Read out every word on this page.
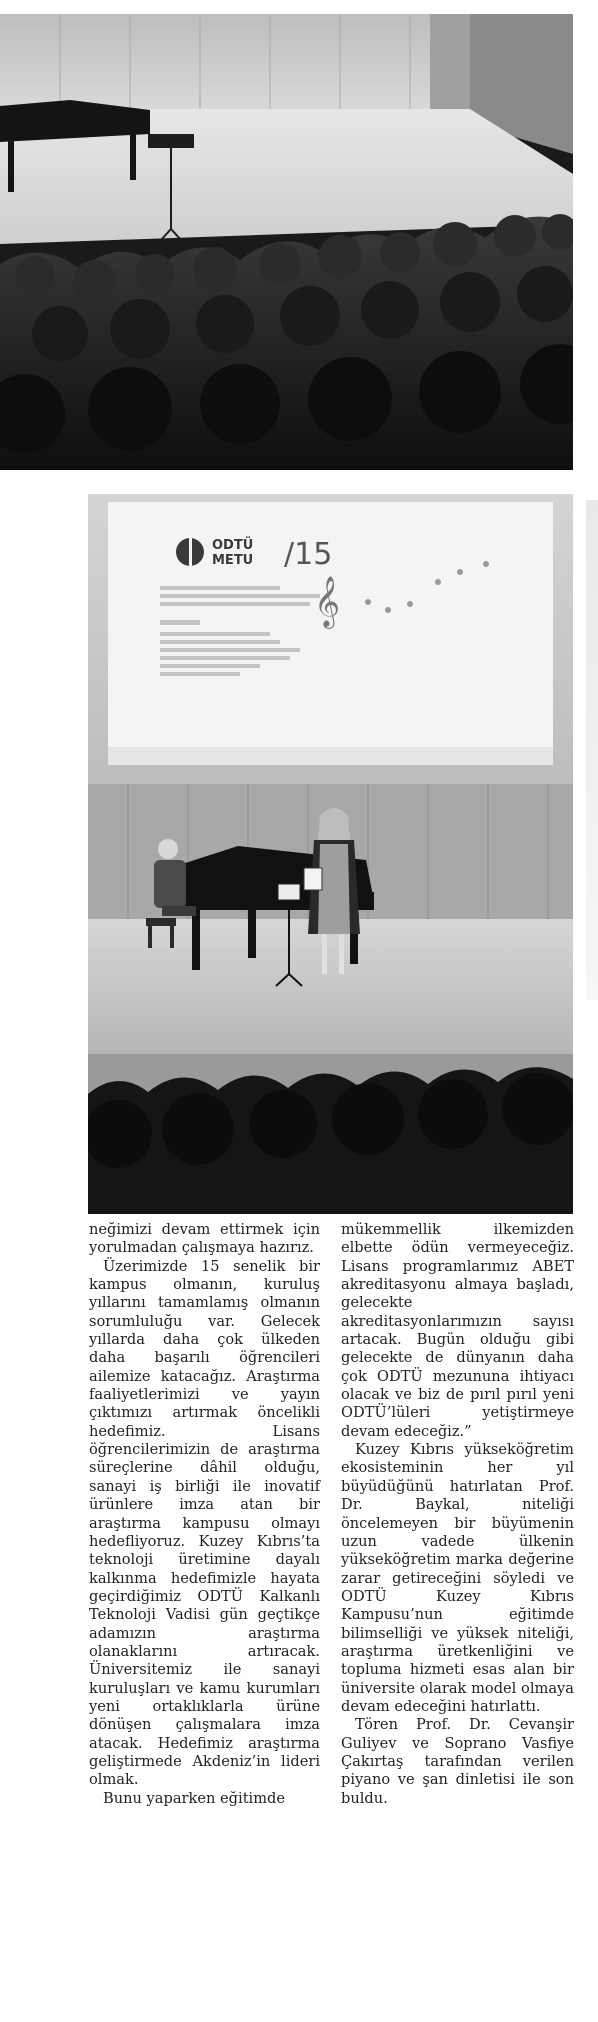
ODTÜ
METU /15
𝄞

neğimizi devam ettirmek için yorulmadan çalışmaya hazırız.

Üzerimizde 15 senelik bir kampus olmanın, kuruluş yıllarını tamamlamış olmanın sorumluluğu var. Gelecek yıllarda daha çok ülkeden daha başarılı öğrencileri ailemize katacağız. Araştırma faaliyetlerimizi ve yayın çıktımızı artırmak öncelikli hedefimiz. Lisans öğrencilerimizin de araştırma süreçlerine dâhil olduğu, sanayi iş birliği ile inovatif ürünlere imza atan bir araştırma kampusu olmayı hedefliyoruz. Kuzey Kıbrıs’ta teknoloji üretimine dayalı kalkınma hedefimizle hayata geçirdiğimiz ODTÜ Kalkanlı Teknoloji Vadisi gün geçtikçe adamızın araştırma olanaklarını artıracak. Üniversitemiz ile sanayi kuruluşları ve kamu kurumları yeni ortaklıklarla ürüne dönüşen çalışmalara imza atacak. Hedefimiz araştırma geliştirmede Akdeniz’in lideri olmak.

Bunu yaparken eğitimde

mükemmellik ilkemizden elbette ödün vermeyeceğiz. Lisans programlarımız ABET akreditasyonu almaya başladı, gelecekte akreditasyonlarımızın sayısı artacak. Bugün olduğu gibi gelecekte de dünyanın daha çok ODTÜ mezununa ihtiyacı olacak ve biz de pırıl pırıl yeni ODTÜ’lüleri yetiştirmeye devam edeceğiz.”

Kuzey Kıbrıs yükseköğretim ekosisteminin her yıl büyüdüğünü hatırlatan Prof. Dr. Baykal, niteliği öncelemeyen bir büyümenin uzun vadede ülkenin yükseköğretim marka değerine zarar getireceğini söyledi ve ODTÜ Kuzey Kıbrıs Kampusu’nun eğitimde bilimselliği ve yüksek niteliği, araştırma üretkenliğini ve topluma hizmeti esas alan bir üniversite olarak model olmaya devam edeceğini hatırlattı.

Tören Prof. Dr. Cevanşir Guliyev ve Soprano Vasfiye Çakırtaş tarafından verilen piyano ve şan dinletisi ile son buldu.
